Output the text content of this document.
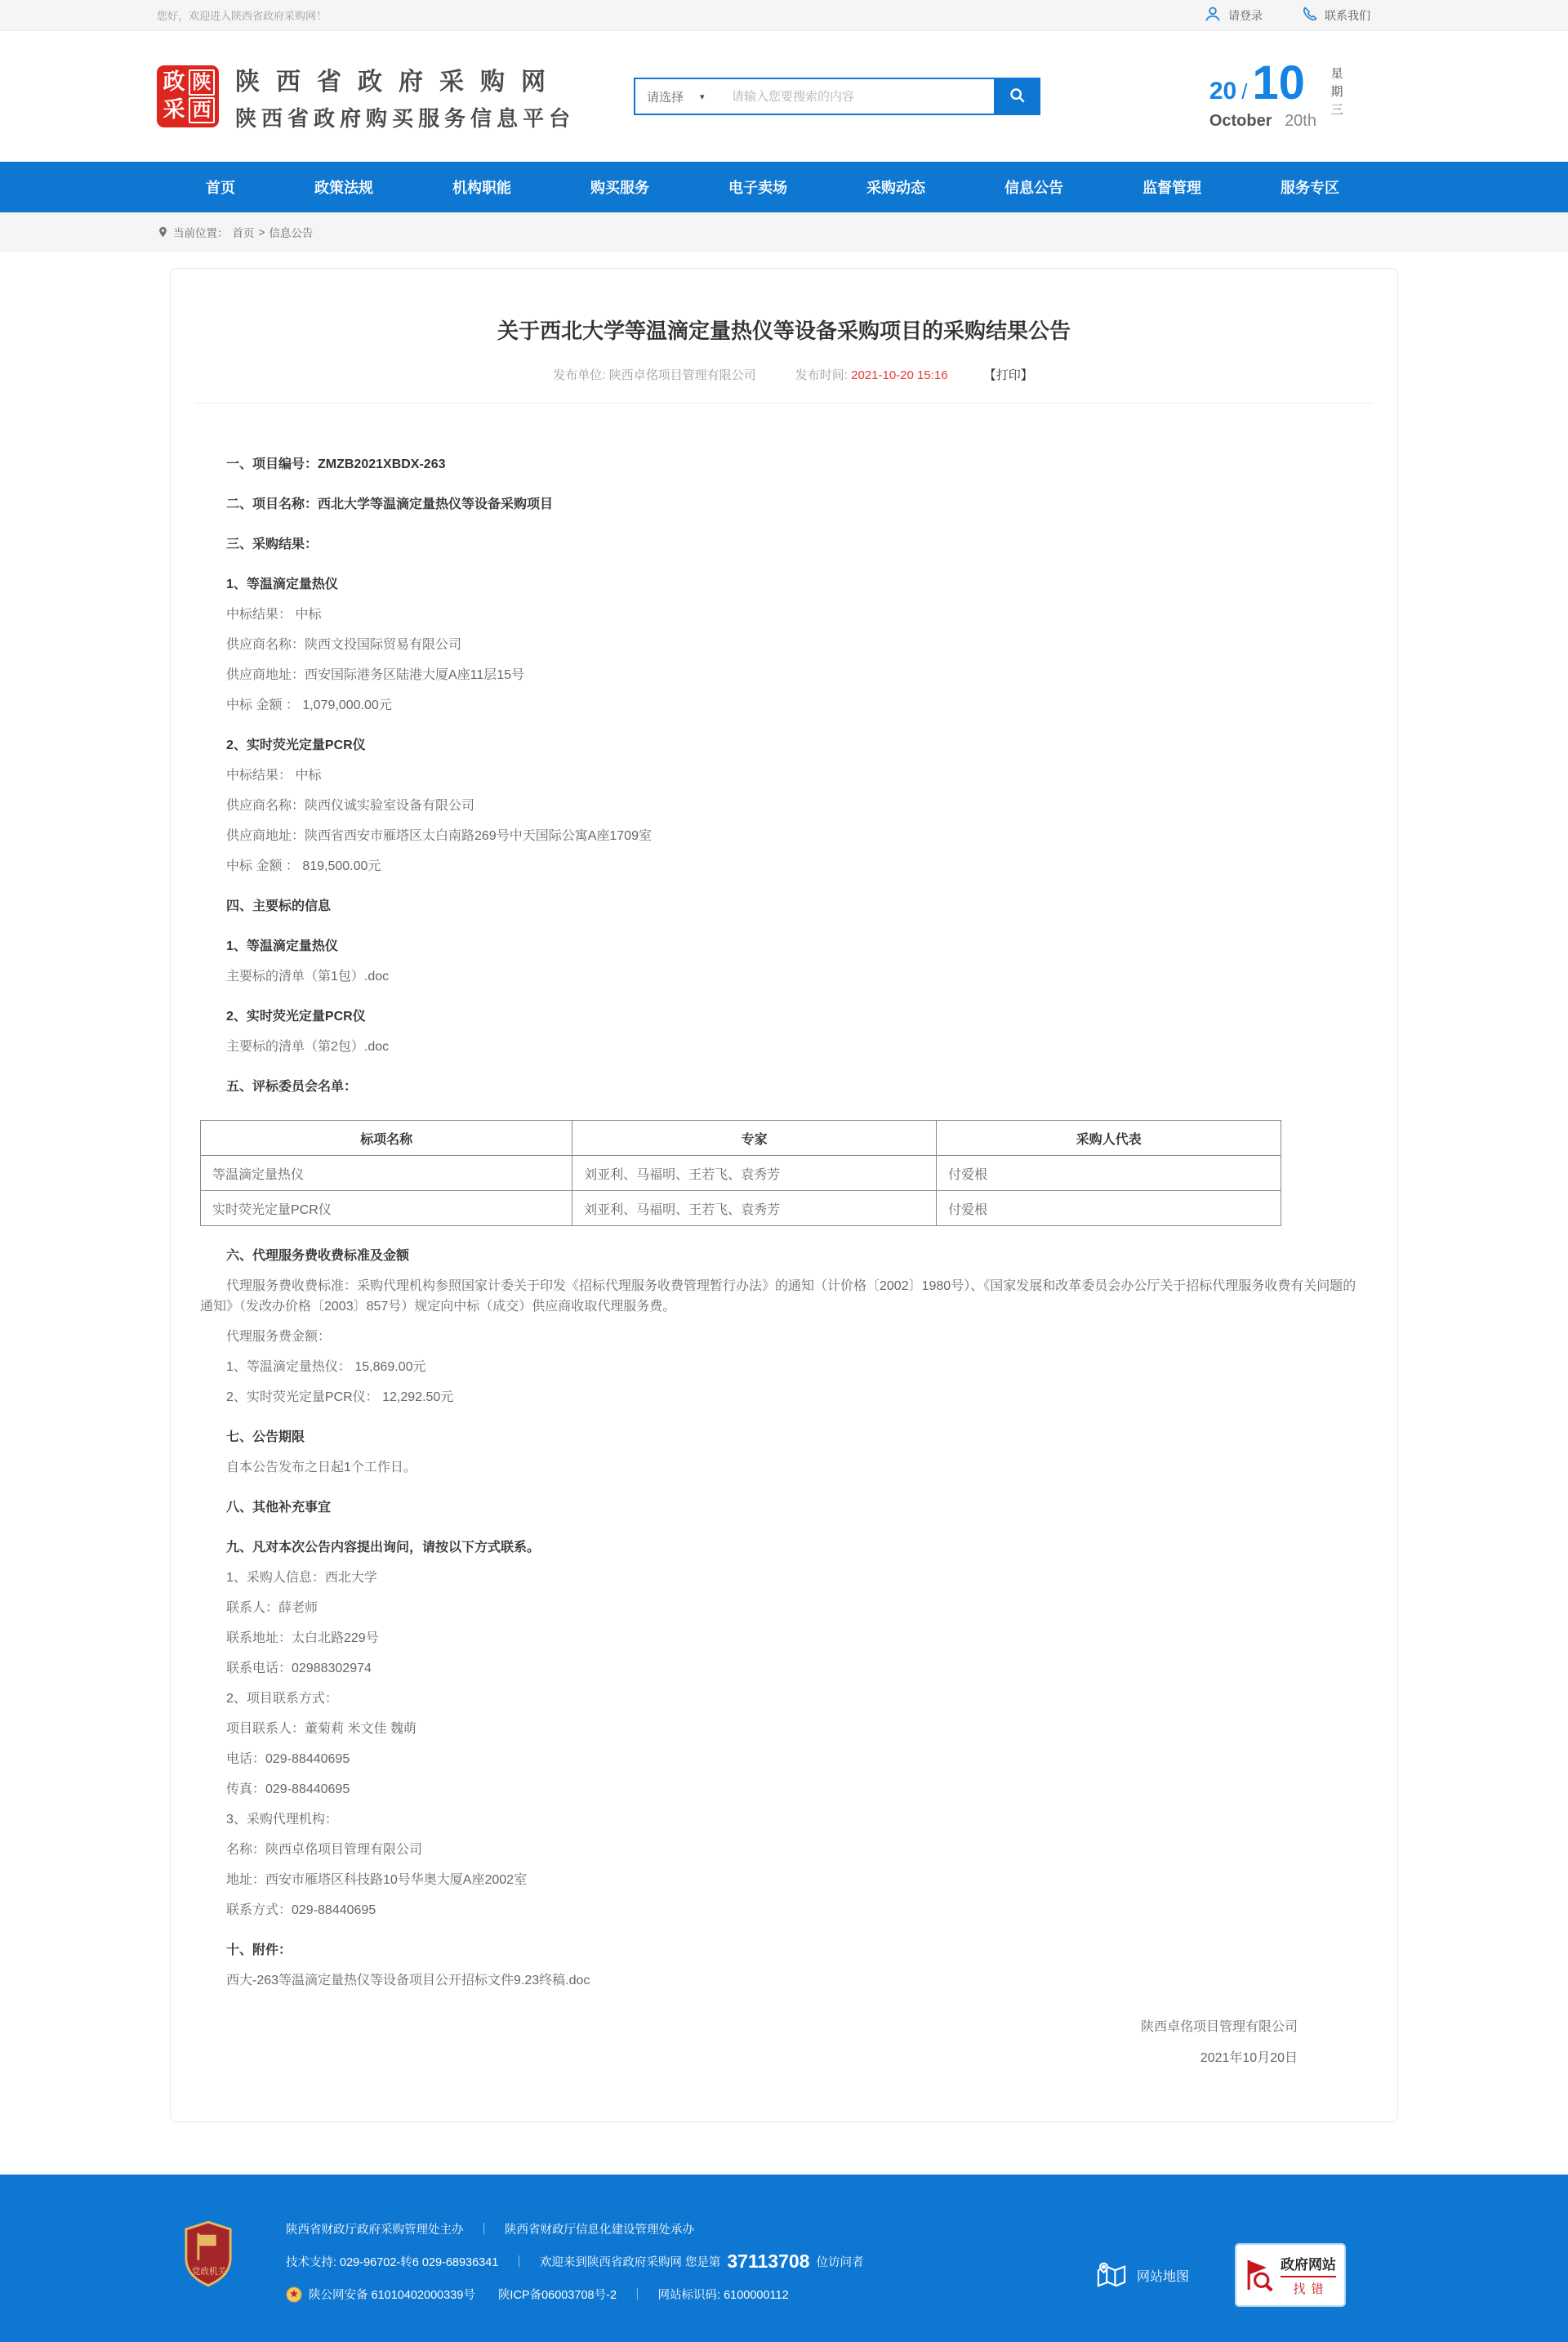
您好，欢迎进入陕西省政府采购网！	请登录	联系我们
政 陕
采 西
陕西省政府采购网
陕西省政府购买服务信息平台
请选择 ▾
请输入您要搜索的内容	20 / 10
October 20th
星
期
三
首页	政策法规	机构职能	购买服务	电子卖场	采购动态	信息公告	监督管理	服务专区
当前位置： 首页 > 信息公告
关于西北大学等温滴定量热仪等设备采购项目的采购结果公告
发布单位: 陕西卓佲项目管理有限公司	发布时间: 2021-10-20 15:16	【打印】

一、项目编号：ZMZB2021XBDX-263

二、项目名称：西北大学等温滴定量热仪等设备采购项目

三、采购结果：

1、等温滴定量热仪

中标结果： 中标

供应商名称：陕西文投国际贸易有限公司

供应商地址：西安国际港务区陆港大厦A座11层15号

中标 金额 ： 1,079,000.00元

2、实时荧光定量PCR仪

中标结果： 中标

供应商名称：陕西仪诚实验室设备有限公司

供应商地址：陕西省西安市雁塔区太白南路269号中天国际公寓A座1709室

中标 金额 ： 819,500.00元

四、主要标的信息

1、等温滴定量热仪

主要标的清单（第1包）.doc

2、实时荧光定量PCR仪

主要标的清单（第2包）.doc

五、评标委员会名单：

标项名称	专家	采购人代表
等温滴定量热仪	刘亚利、马福明、王若飞、袁秀芳	付爱根
实时荧光定量PCR仪	刘亚利、马福明、王若飞、袁秀芳	付爱根

六、代理服务费收费标准及金额

代理服务费收费标准：采购代理机构参照国家计委关于印发《招标代理服务收费管理暂行办法》的通知（计价格〔2002〕1980号）、《国家发展和改革委员会办公厅关于招标代理服务收费有关问题的通知》（发改办价格〔2003〕857号）规定向中标（成交）供应商收取代理服务费。

代理服务费金额：

1、等温滴定量热仪： 15,869.00元

2、实时荧光定量PCR仪： 12,292.50元

七、公告期限

自本公告发布之日起1个工作日。

八、其他补充事宜

九、凡对本次公告内容提出询问，请按以下方式联系。

1、采购人信息：西北大学

联系人：薛老师

联系地址：太白北路229号

联系电话：02988302974

2、项目联系方式：

项目联系人：董菊莉 米文佳 魏萌

电话：029-88440695

传真：029-88440695

3、采购代理机构：

名称：陕西卓佲项目管理有限公司

地址：西安市雁塔区科技路10号华奥大厦A座2002室

联系方式：029-88440695

十、附件：

西大-263等温滴定量热仪等设备项目公开招标文件9.23终稿.doc

陕西卓佲项目管理有限公司
2021年10月20日
党政机关
陕西省财政厅政府采购管理处主办 ｜ 陕西省财政厅信息化建设管理处承办
技术支持: 029-96702-转6 029-68936341 ｜ 欢迎来到陕西省政府采购网 您是第 37113708 位访问者
陕公网安备 61010402000339号 陕ICP备06003708号-2 ｜ 网站标识码: 6100000112
网站地图
政府网站
找错
